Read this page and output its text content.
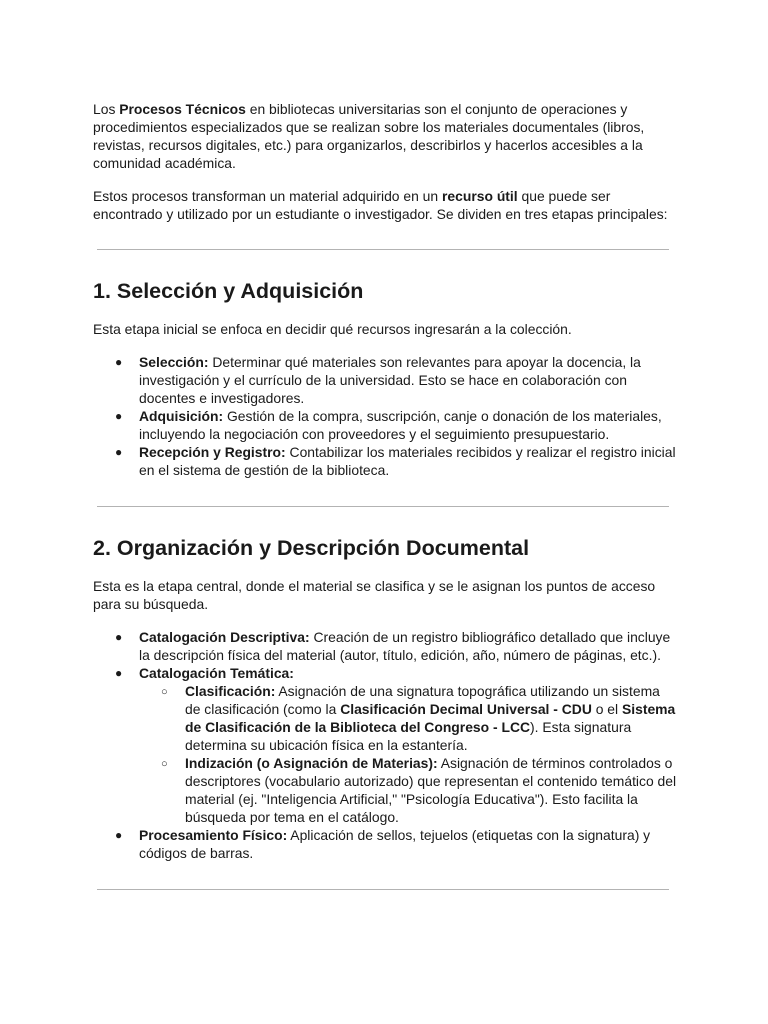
Los Procesos Técnicos en bibliotecas universitarias son el conjunto de operaciones y procedimientos especializados que se realizan sobre los materiales documentales (libros, revistas, recursos digitales, etc.) para organizarlos, describirlos y hacerlos accesibles a la comunidad académica.

Estos procesos transforman un material adquirido en un recurso útil que puede ser encontrado y utilizado por un estudiante o investigador. Se dividen en tres etapas principales:

1. Selección y Adquisición

Esta etapa inicial se enfoca en decidir qué recursos ingresarán a la colección.

● Selección: Determinar qué materiales son relevantes para apoyar la docencia, la investigación y el currículo de la universidad. Esto se hace en colaboración con docentes e investigadores.
● Adquisición: Gestión de la compra, suscripción, canje o donación de los materiales, incluyendo la negociación con proveedores y el seguimiento presupuestario.
● Recepción y Registro: Contabilizar los materiales recibidos y realizar el registro inicial en el sistema de gestión de la biblioteca.
2. Organización y Descripción Documental

Esta es la etapa central, donde el material se clasifica y se le asignan los puntos de acceso para su búsqueda.

● Catalogación Descriptiva: Creación de un registro bibliográfico detallado que incluye la descripción física del material (autor, título, edición, año, número de páginas, etc.).
● Catalogación Temática:
○ Clasificación: Asignación de una signatura topográfica utilizando un sistema de clasificación (como la Clasificación Decimal Universal - CDU o el Sistema de Clasificación de la Biblioteca del Congreso - LCC). Esta signatura determina su ubicación física en la estantería.
○ Indización (o Asignación de Materias): Asignación de términos controlados o descriptores (vocabulario autorizado) que representan el contenido temático del material (ej. "Inteligencia Artificial," "Psicología Educativa"). Esto facilita la búsqueda por tema en el catálogo.
● Procesamiento Físico: Aplicación de sellos, tejuelos (etiquetas con la signatura) y códigos de barras.
